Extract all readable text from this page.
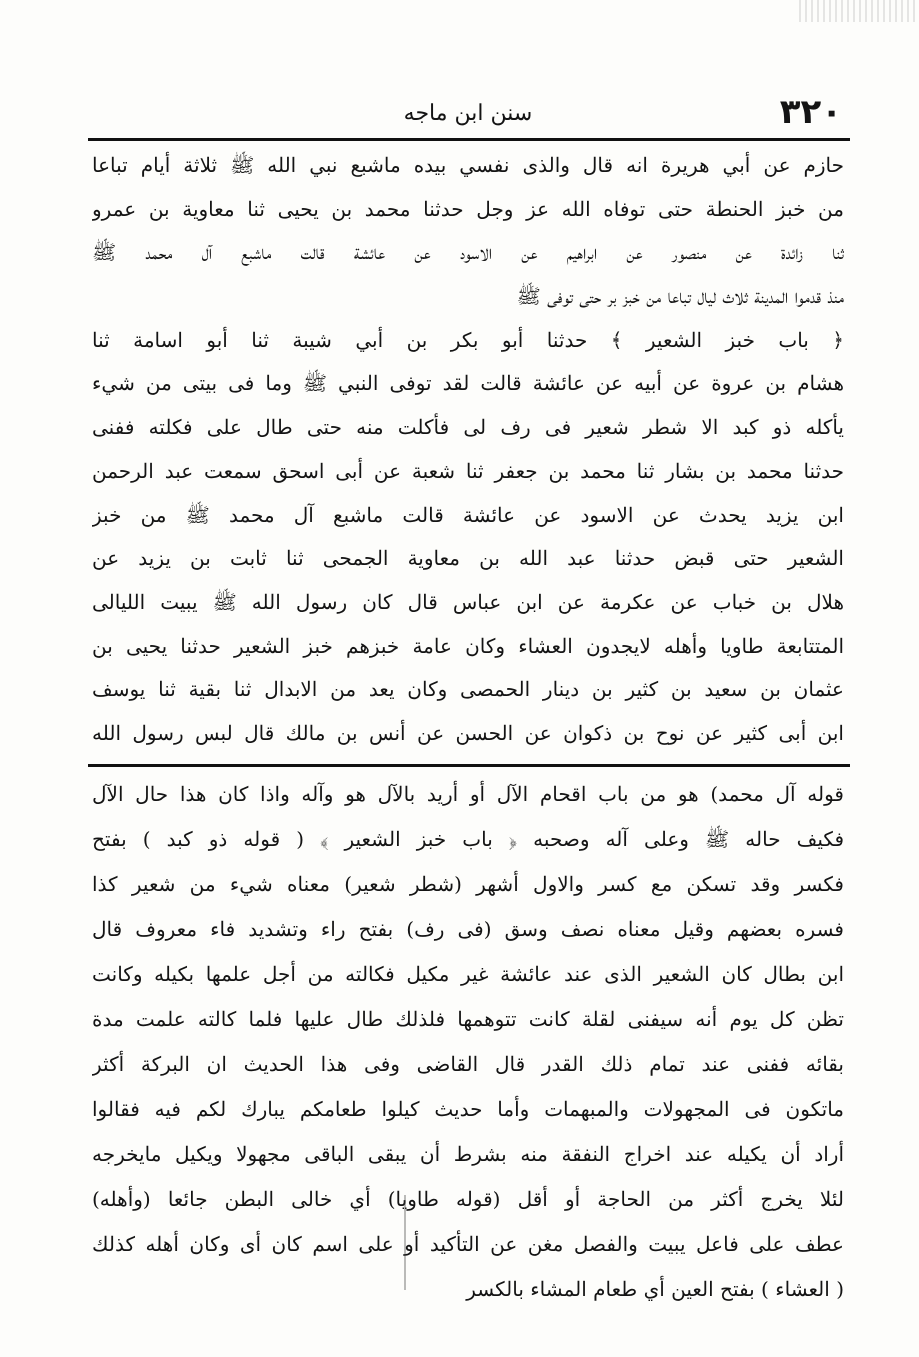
٣٢٠
سنن ابن ماجه
حازم عن أبي هريرة انه قال والذى نفسي بيده ماشبع نبي الله ﷺ ثلاثة أيام تباعا
من خبز الحنطة حتى توفاه الله عز وجل حدثنا محمد بن يحيى ثنا معاوية بن عمرو
ثنا زائدة عن منصور عن ابراهيم عن الاسود عن عائشة قالت ماشبع آل محمد ﷺ
منذ قدموا المدينة ثلاث ليال تباعا من خبز بر حتى توفى ﷺ
﴿ باب خبز الشعير ﴾ حدثنا أبو بكر بن أبي شيبة ثنا أبو اسامة ثنا
هشام بن عروة عن أبيه عن عائشة قالت لقد توفى النبي ﷺ وما فى بيتى من شيء
يأكله ذو كبد الا شطر شعير فى رف لى فأكلت منه حتى طال على فكلته ففنى
حدثنا محمد بن بشار ثنا محمد بن جعفر ثنا شعبة عن أبى اسحق سمعت عبد الرحمن
ابن يزيد يحدث عن الاسود عن عائشة قالت ماشبع آل محمد ﷺ من خبز
الشعير حتى قبض حدثنا عبد الله بن معاوية الجمحى ثنا ثابت بن يزيد عن
هلال بن خباب عن عكرمة عن ابن عباس قال كان رسول الله ﷺ يبيت الليالى
المتتابعة طاويا وأهله لايجدون العشاء وكان عامة خبزهم خبز الشعير حدثنا يحيى بن
عثمان بن سعيد بن كثير بن دينار الحمصى وكان يعد من الابدال ثنا بقية ثنا يوسف
ابن أبى كثير عن نوح بن ذكوان عن الحسن عن أنس بن مالك قال لبس رسول الله
قوله آل محمد) هو من باب اقحام الآل أو أريد بالآل هو وآله واذا كان هذا حال الآل
فكيف حاله ﷺ وعلى آله وصحبه ﴿ باب خبز الشعير ﴾ ( قوله ذو كبد ) بفتح
فكسر وقد تسكن مع كسر والاول أشهر (شطر شعير) معناه شيء من شعير كذا
فسره بعضهم وقيل معناه نصف وسق (فى رف) بفتح راء وتشديد فاء معروف قال
ابن بطال كان الشعير الذى عند عائشة غير مكيل فكالته من أجل علمها بكيله وكانت
تظن كل يوم أنه سيفنى لقلة كانت تتوهمها فلذلك طال عليها فلما كالته علمت مدة
بقائه ففنى عند تمام ذلك القدر قال القاضى وفى هذا الحديث ان البركة أكثر
ماتكون فى المجهولات والمبهمات وأما حديث كيلوا طعامكم يبارك لكم فيه فقالوا
أراد أن يكيله عند اخراج النفقة منه بشرط أن يبقى الباقى مجهولا ويكيل مايخرجه
لئلا يخرج أكثر من الحاجة أو أقل (قوله طاويا) أي خالى البطن جائعا (وأهله)
عطف على فاعل يبيت والفصل مغن عن التأكيد أو على اسم كان أى وكان أهله كذلك
( العشاء ) بفتح العين أي طعام المشاء بالكسر
